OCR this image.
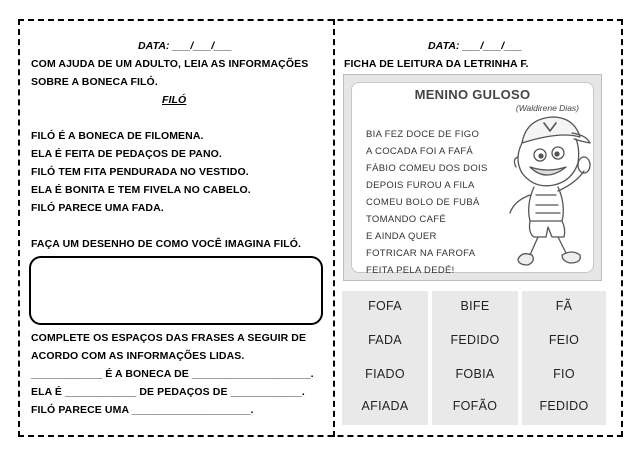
DATA: ___/___/___
COM AJUDA DE UM ADULTO, LEIA AS INFORMAÇÕES
SOBRE A BONECA FILÓ.
FILÓ
FILÓ É A BONECA DE FILOMENA.
ELA É FEITA DE PEDAÇOS DE PANO.
FILÓ TEM FITA PENDURADA NO VESTIDO.
ELA É BONITA E TEM FIVELA NO CABELO.
FILÓ PARECE UMA FADA.
FAÇA UM DESENHO DE COMO VOCÊ IMAGINA FILÓ.
COMPLETE OS ESPAÇOS DAS FRASES A SEGUIR DE
ACORDO COM AS INFORMAÇÕES LIDAS.
____________ É A BONECA DE ____________________.
ELA É ____________ DE PEDAÇOS DE ____________.
FILÓ PARECE UMA ____________________.
DATA: ___/___/___
FICHA DE LEITURA DA LETRINHA F.
MENINO GULOSO
(Waldirene Dias)
BIA FEZ DOCE DE FIGO
A COCADA FOI A FAFÁ
FÁBIO COMEU DOS DOIS
DEPOIS FUROU A FILA
COMEU BOLO DE FUBÁ
TOMANDO CAFÉ
E AINDA QUER
FOTRICAR NA FAROFA
FEITA PELA DEDÉ!
FOFA
FADA
FIADO
AFIADA
BIFE
FEDIDO
FOBIA
FOFÃO
FÃ
FEIO
FIO
FEDIDO
